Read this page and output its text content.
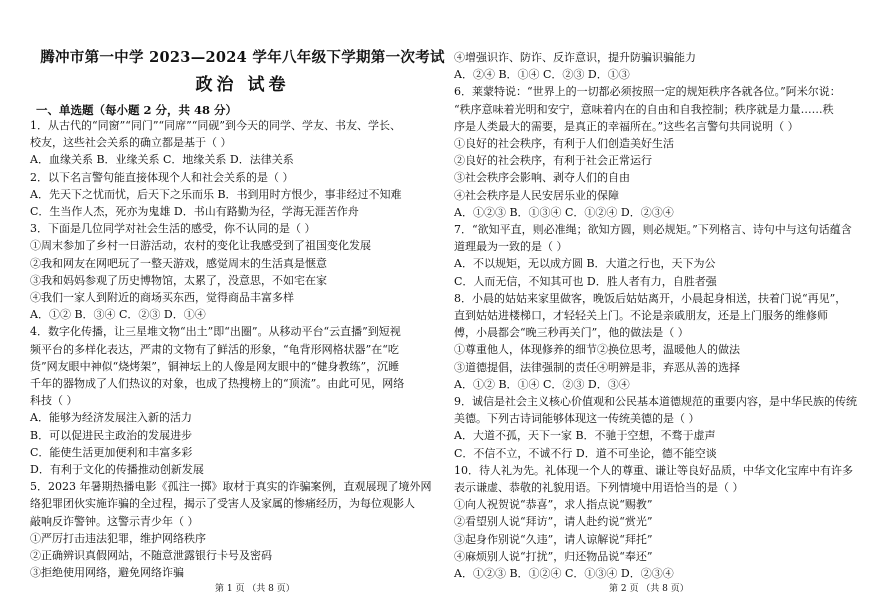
腾冲市第一中学 2023—2024 学年八年级下学期第一次考试
政治 试卷
一、单选题（每小题 2 分，共 48 分）
1．从古代的“同窗”“同门”“同席”“同砚”到今天的同学、学友、书友、学长、
校友，这些社会关系的确立都是基于（ ）
A．血缘关系 B．业缘关系 C．地缘关系 D．法律关系
2．以下名言警句能直接体现个人和社会关系的是（ ）
A．先天下之忧而忧，后天下之乐而乐 B．书到用时方恨少，事非经过不知难
C．生当作人杰，死亦为鬼雄 D．书山有路勤为径，学海无涯苦作舟
3．下面是几位同学对社会生活的感受，你不认同的是（ ）
①周末参加了乡村一日游活动，农村的变化让我感受到了祖国变化发展
②我和网友在网吧玩了一整天游戏，感觉周末的生活真是惬意
③我和妈妈参观了历史博物馆，太累了，没意思，不如宅在家
④我们一家人到附近的商场买东西，觉得商品丰富多样
A．①② B．③④ C．②③ D．①④
4．数字化传播，让三星堆文物“出土”即“出圈”。从移动平台“云直播”到短视
频平台的多样化表达，严肃的文物有了鲜活的形象，“龟背形网格状器”在“吃
货”网友眼中神似“烧烤架”，铜神坛上的人像是网友眼中的“健身教练”，沉睡
千年的器物成了人们热议的对象，也成了热搜榜上的“顶流”。由此可见，网络
科技（ ）
A．能够为经济发展注入新的活力
B．可以促进民主政治的发展进步
C．能使生活更加便利和丰富多彩
D．有利于文化的传播推动创新发展
5．2023 年暑期热播电影《孤注一掷》取材于真实的诈骗案例，直观展现了境外网
络犯罪团伙实施诈骗的全过程，揭示了受害人及家属的惨痛经历，为每位观影人
敲响反诈警钟。这警示青少年（ ）
①严厉打击违法犯罪，维护网络秩序
②正确辨识真假网站，不随意泄露银行卡号及密码
③拒绝使用网络，避免网络诈骗
第 1 页 （共 8 页）
④增强识诈、防诈、反诈意识，提升防骗识骗能力
A．②④ B．①④ C．②③ D．①③
6．莱蒙特说：“世界上的一切都必须按照一定的规矩秩序各就各位。”阿米尔说：
“秩序意味着光明和安宁，意味着内在的自由和自我控制；秩序就是力量……秩
序是人类最大的需要，是真正的幸福所在。”这些名言警句共同说明（ ）
①良好的社会秩序，有利于人们创造美好生活
②良好的社会秩序，有利于社会正常运行
③社会秩序会影响、剥夺人们的自由
④社会秩序是人民安居乐业的保障
A．①②③ B．①③④ C．①②④ D．②③④
7．“欲知平直，则必准绳；欲知方圆，则必规矩。”下列格言、诗句中与这句话蕴含
道理最为一致的是（ ）
A．不以规矩，无以成方圆 B．大道之行也，天下为公
C．人而无信，不知其可也 D．胜人者有力，自胜者强
8．小晨的姑姑来家里做客，晚饭后姑姑离开，小晨起身相送，扶着门说“再见”，
直到姑姑进楼梯口，才轻轻关上门。不论是亲戚朋友，还是上门服务的维修师
傅，小晨都会“晚三秒再关门”，他的做法是（ ）
①尊重他人，体现修养的细节②换位思考，温暖他人的做法
③道德提倡，法律强制的责任④明辨是非，弃恶从善的选择
A．①② B．①④ C．②③ D．③④
9．诚信是社会主义核心价值观和公民基本道德规范的重要内容，是中华民族的传统
美德。下列古诗词能够体现这一传统美德的是（ ）
A．大道不孤，天下一家 B．不驰于空想，不骛于虚声
C．不信不立，不诚不行 D．道不可坐论，德不能空谈
10．待人礼为先。礼体现一个人的尊重、谦让等良好品质，中华文化宝库中有许多
表示谦虚、恭敬的礼貌用语。下列情境中用语恰当的是（ ）
①向人祝贺说“恭喜”，求人指点说“赐教”
②看望别人说“拜访”，请人赴约说“赏光”
③起身作别说“久违”，请人谅解说“拜托”
④麻烦别人说“打扰”，归还物品说“奉还”
A．①②③ B．①②④ C．①③④ D．②③④
第 2 页 （共 8 页）
